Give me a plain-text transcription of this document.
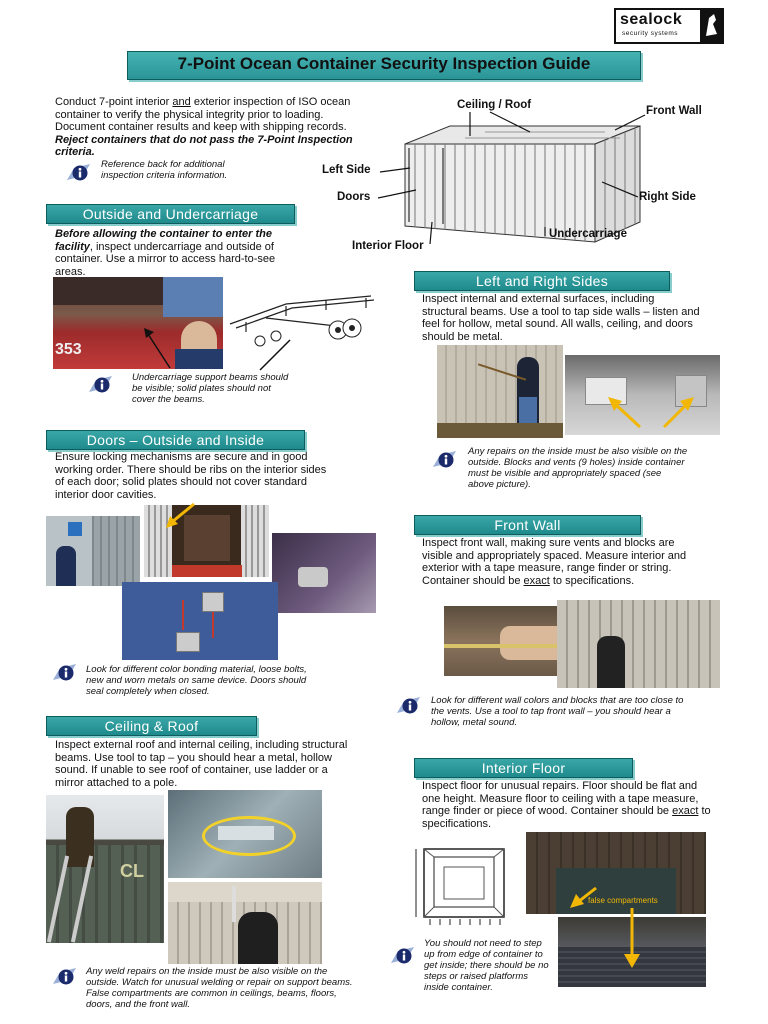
sealock
security systems
7-Point Ocean Container Security Inspection Guide
Conduct 7-point interior and exterior inspection of ISO ocean container to verify the physical integrity prior to loading. Document container results and keep with shipping records. Reject containers that do not pass the 7-Point Inspection criteria.
Reference back for additional inspection criteria information.
Ceiling / Roof	Front Wall
Left Side
Doors	Right Side
Interior Floor
Undercarriage
Outside and Undercarriage
Before allowing the container to enter the facility, inspect undercarriage and outside of container. Use a mirror to access hard-to-see areas.
353
Undercarriage support beams should be visible; solid plates should not cover the beams.
Left and Right Sides
Inspect internal and external surfaces, including structural beams. Use a tool to tap side walls – listen and feel for hollow, metal sound. All walls, ceiling, and doors should be metal.
Any repairs on the inside must be also visible on the outside. Blocks and vents (9 holes) inside container must be visible and appropriately spaced (see above picture).
Doors – Outside and Inside
Ensure locking mechanisms are secure and in good working order. There should be ribs on the interior sides of each door; solid plates should not cover standard interior door cavities.
Look for different color bonding material, loose bolts, new and worn metals on same device. Doors should seal completely when closed.
Front Wall
Inspect front wall, making sure vents and blocks are visible and appropriately spaced. Measure interior and exterior with a tape measure, range finder or string. Container should be exact to specifications.
Look for different wall colors and blocks that are too close to the vents. Use a tool to tap front wall – you should hear a hollow, metal sound.
Ceiling & Roof
Inspect external roof and internal ceiling, including structural beams. Use tool to tap – you should hear a metal, hollow sound. If unable to see roof of container, use ladder or a mirror attached to a pole.
CL
Any weld repairs on the inside must be also visible on the outside. Watch for unusual welding or repair on support beams. False compartments are common in ceilings, beams, floors, doors, and the front wall.
Interior Floor
Inspect floor for unusual repairs. Floor should be flat and one height. Measure floor to ceiling with a tape measure, range finder or piece of wood. Container should be exact to specifications.
false compartments
You should not need to step up from edge of container to get inside; there should be no steps or raised platforms inside container.
